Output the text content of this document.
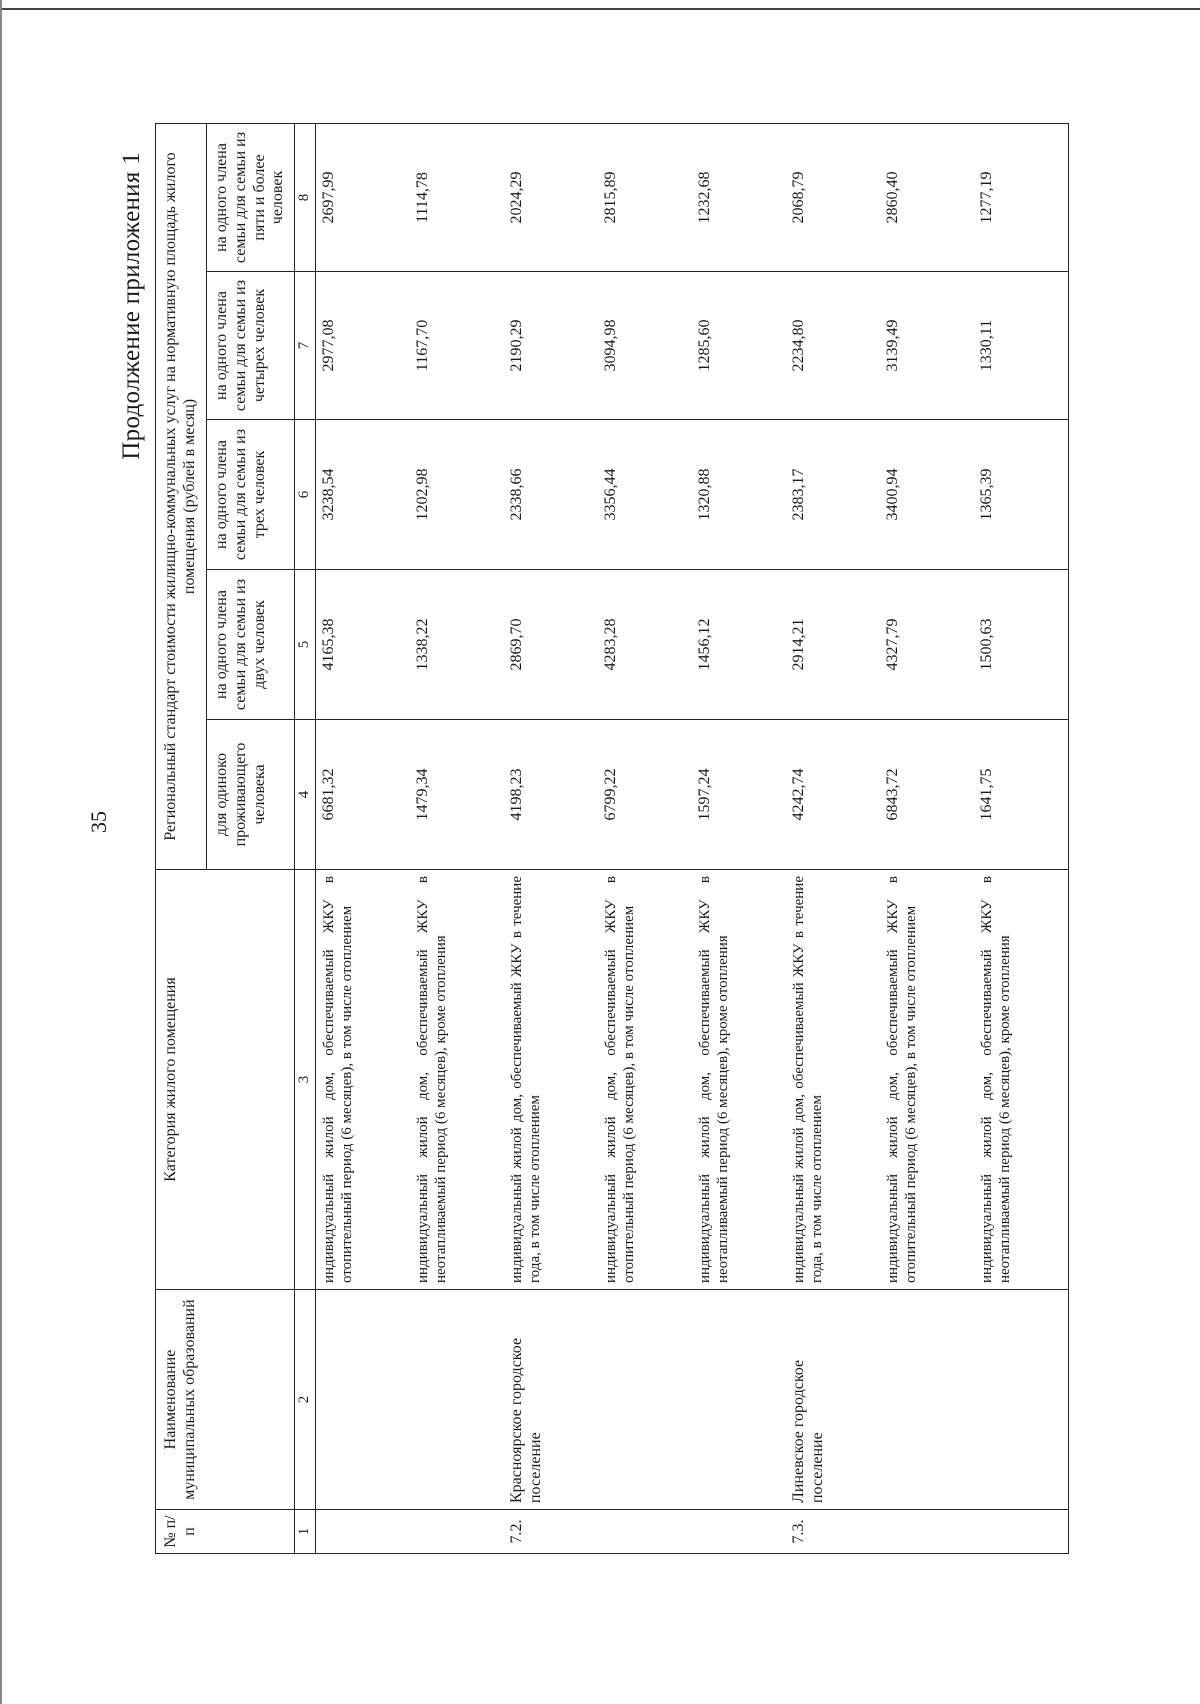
35
Продолжение приложения 1
№ п/п	Наименование муниципальных образований	Категория жилого помещения	Региональный стандарт стоимости жилищно-коммунальных услуг на нормативную площадь жилого помещения (рублей в месяц)				
			для одиноко проживающего человека	на одного члена семьи для семьи из двух человек	на одного члена семьи для семьи из трех человек	на одного члена семьи для семьи из четырех человек	на одного члена семьи для семьи из пяти и более человек
1	2	3	4	5	6	7	8
		индивидуальный жилой дом, обеспечиваемый ЖКУ в отопительный период (6 месяцев), в том числе отоплением	6681,32	4165,38	3238,54	2977,08	2697,99
		индивидуальный жилой дом, обеспечиваемый ЖКУ в неотапливаемый период (6 месяцев), кроме отопления	1479,34	1338,22	1202,98	1167,70	1114,78
7.2.	Красноярское городское поселение	индивидуальный жилой дом, обеспечиваемый ЖКУ в течение года, в том числе отоплением	4198,23	2869,70	2338,66	2190,29	2024,29
		индивидуальный жилой дом, обеспечиваемый ЖКУ в отопительный период (6 месяцев), в том числе отоплением	6799,22	4283,28	3356,44	3094,98	2815,89
		индивидуальный жилой дом, обеспечиваемый ЖКУ в неотапливаемый период (6 месяцев), кроме отопления	1597,24	1456,12	1320,88	1285,60	1232,68
7.3.	Линевское городское поселение	индивидуальный жилой дом, обеспечиваемый ЖКУ в течение года, в том числе отоплением	4242,74	2914,21	2383,17	2234,80	2068,79
		индивидуальный жилой дом, обеспечиваемый ЖКУ в отопительный период (6 месяцев), в том числе отоплением	6843,72	4327,79	3400,94	3139,49	2860,40
		индивидуальный жилой дом, обеспечиваемый ЖКУ в неотапливаемый период (6 месяцев), кроме отопления	1641,75	1500,63	1365,39	1330,11	1277,19
